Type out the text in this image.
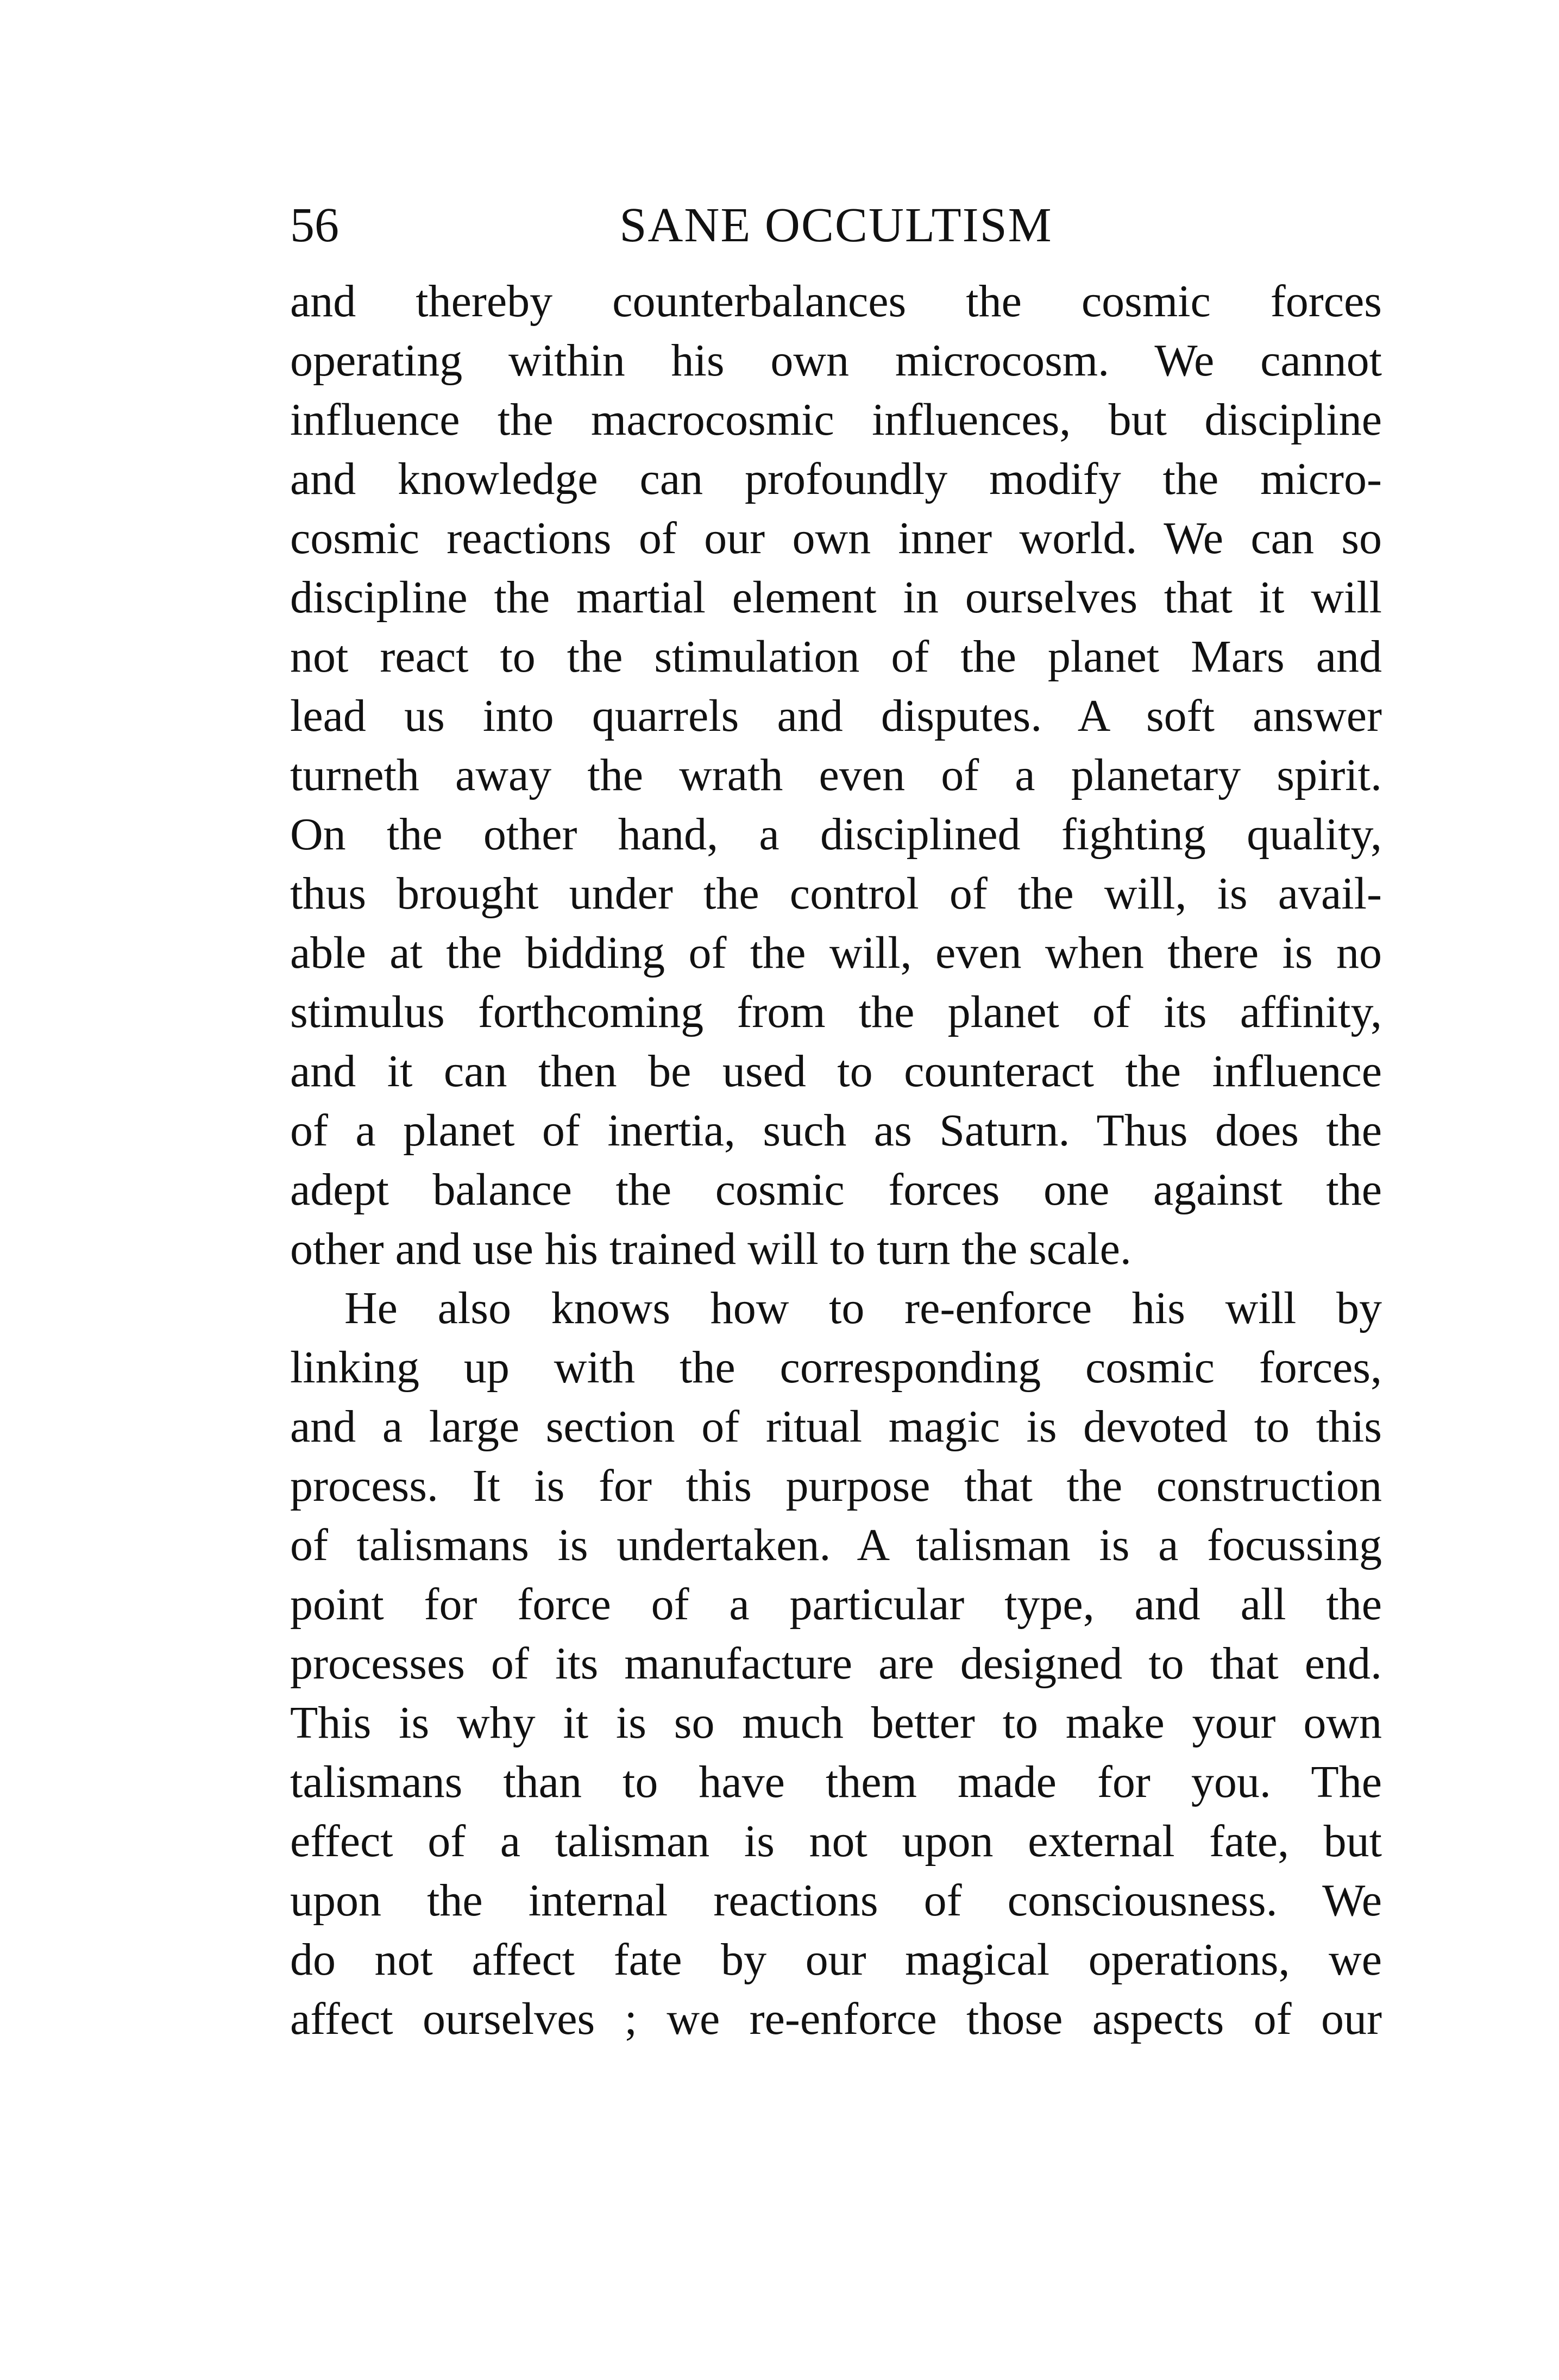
56	SANE OCCULTISM
and thereby counterbalances the cosmic forces
operating within his own microcosm. We cannot
influence the macrocosmic influences, but discipline
and knowledge can profoundly modify the micro-
cosmic reactions of our own inner world. We can so
discipline the martial element in ourselves that it will
not react to the stimulation of the planet Mars and
lead us into quarrels and disputes. A soft answer
turneth away the wrath even of a planetary spirit.
On the other hand, a disciplined fighting quality,
thus brought under the control of the will, is avail-
able at the bidding of the will, even when there is no
stimulus forthcoming from the planet of its affinity,
and it can then be used to counteract the influence
of a planet of inertia, such as Saturn. Thus does the
adept balance the cosmic forces one against the
other and use his trained will to turn the scale.
He also knows how to re-enforce his will by
linking up with the corresponding cosmic forces,
and a large section of ritual magic is devoted to this
process. It is for this purpose that the construction
of talismans is undertaken. A talisman is a focussing
point for force of a particular type, and all the
processes of its manufacture are designed to that end.
This is why it is so much better to make your own
talismans than to have them made for you. The
effect of a talisman is not upon external fate, but
upon the internal reactions of consciousness. We
do not affect fate by our magical operations, we
affect ourselves ; we re-enforce those aspects of our
